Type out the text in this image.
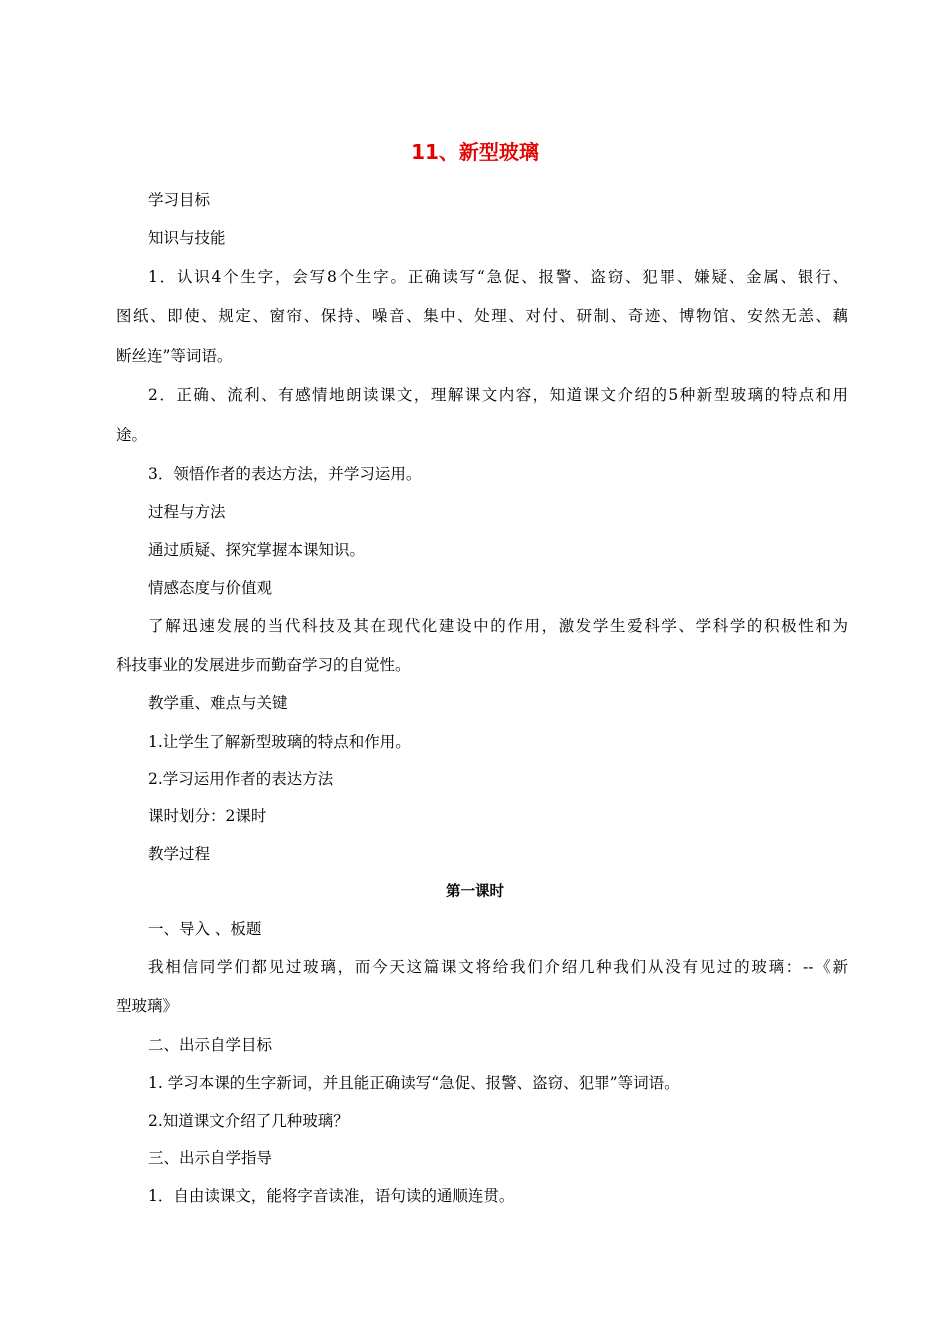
11、新型玻璃
学习目标
知识与技能
1．认识4个生字，会写8个生字。正确读写“急促、报警、盗窃、犯罪、嫌疑、金属、银行、
图纸、即使、规定、窗帘、保持、噪音、集中、处理、对付、研制、奇迹、博物馆、安然无恙、藕
断丝连”等词语。
2．正确、流利、有感情地朗读课文，理解课文内容，知道课文介绍的5种新型玻璃的特点和用
途。
3．领悟作者的表达方法，并学习运用。
过程与方法
通过质疑、探究掌握本课知识。
情感态度与价值观
了解迅速发展的当代科技及其在现代化建设中的作用，激发学生爱科学、学科学的积极性和为
科技事业的发展进步而勤奋学习的自觉性。
教学重、难点与关键
1.让学生了解新型玻璃的特点和作用。
2.学习运用作者的表达方法
课时划分：2课时
教学过程
第一课时
一、导入 、板题
我相信同学们都见过玻璃，而今天这篇课文将给我们介绍几种我们从没有见过的玻璃：--《新
型玻璃》
二、出示自学目标
1. 学习本课的生字新词，并且能正确读写“急促、报警、盗窃、犯罪”等词语。
2.知道课文介绍了几种玻璃？
三、出示自学指导
1．自由读课文，能将字音读准，语句读的通顺连贯。
